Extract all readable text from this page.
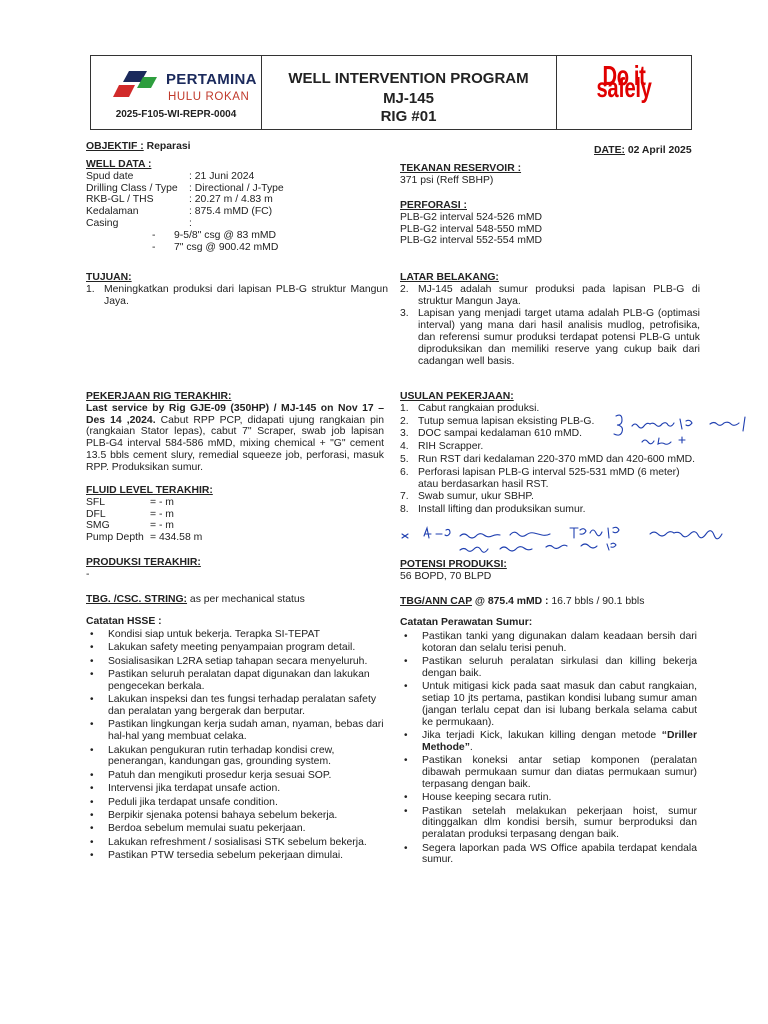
PERTAMINA
HULU ROKAN
2025-F105-WI-REPR-0004
WELL INTERVENTION PROGRAM
MJ-145
RIG #01
Do it safely
OBJEKTIF : Reparasi	DATE: 02 April 2025
WELL DATA :
Spud date	: 21 Juni 2024
Drilling Class / Type	: Directional / J-Type
RKB-GL / THS	: 20.27 m / 4.83 m
Kedalaman	: 875.4 mMD (FC)
Casing	:
- 9-5/8" csg @ 83 mMD
- 7" csg @ 900.42 mMD
TEKANAN RESERVOIR :
371 psi (Reff SBHP)
PERFORASI :
PLB-G2 interval 524-526 mMD
PLB-G2 interval 548-550 mMD
PLB-G2 interval 552-554 mMD
TUJUAN:
1. Meningkatkan produksi dari lapisan PLB-G struktur Mangun Jaya.
LATAR BELAKANG:
2. MJ-145 adalah sumur produksi pada lapisan PLB-G di struktur Mangun Jaya.
3. Lapisan yang menjadi target utama adalah PLB-G (optimasi interval) yang mana dari hasil analisis mudlog, petrofisika, dan referensi sumur produksi terdapat potensi PLB-G untuk diproduksikan dan memiliki reserve yang cukup baik dari cadangan well basis.
PEKERJAAN RIG TERAKHIR:
Last service by Rig GJE-09 (350HP) / MJ-145 on Nov 17 – Des 14 ,2024. Cabut RPP PCP, didapati ujung rangkaian pin (rangkaian Stator lepas), cabut 7" Scraper, swab job lapisan PLB-G4 interval 584-586 mMD, mixing chemical + "G" cement 13.5 bbls cement slury, remedial squeeze job, perforasi, masuk RPP. Produksikan sumur.
USULAN PEKERJAAN:
1. Cabut rangkaian produksi.
2. Tutup semua lapisan eksisting PLB-G.
3. DOC sampai kedalaman 610 mMD.
4. RIH Scrapper.
5. Run RST dari kedalaman 220-370 mMD dan 420-600 mMD.
6. Perforasi lapisan PLB-G interval 525-531 mMD (6 meter) atau berdasarkan hasil RST.
7. Swab sumur, ukur SBHP.
8. Install lifting dan produksikan sumur.
FLUID LEVEL TERAKHIR:
SFL	= - m
DFL	= - m
SMG	= - m
Pump Depth = 434.58 m
PRODUKSI TERAKHIR:
-
POTENSI PRODUKSI:
56 BOPD, 70 BLPD
TBG. /CSC. STRING: as per mechanical status	TBG/ANN CAP @ 875.4 mMD : 16.7 bbls / 90.1 bbls
Catatan HSSE :
•	Kondisi siap untuk bekerja. Terapka SI-TEPAT
•	Lakukan safety meeting penyampaian program detail.
•	Sosialisasikan L2RA setiap tahapan secara menyeluruh.
•	Pastikan seluruh peralatan dapat digunakan dan lakukan pengecekan berkala.
•	Lakukan inspeksi dan tes fungsi terhadap peralatan safety dan peralatan yang bergerak dan berputar.
•	Pastikan lingkungan kerja sudah aman, nyaman, bebas dari hal-hal yang membuat celaka.
•	Lakukan pengukuran rutin terhadap kondisi crew, penerangan, kandungan gas, grounding system.
•	Patuh dan mengikuti prosedur kerja sesuai SOP.
•	Intervensi jika terdapat unsafe action.
•	Peduli jika terdapat unsafe condition.
•	Berpikir sjenaka potensi bahaya sebelum bekerja.
•	Berdoa sebelum memulai suatu pekerjaan.
•	Lakukan refreshment / sosialisasi STK sebelum bekerja.
•	Pastikan PTW tersedia sebelum pekerjaan dimulai.
Catatan Perawatan Sumur:
•	Pastikan tanki yang digunakan dalam keadaan bersih dari kotoran dan selalu terisi penuh.
•	Pastikan seluruh peralatan sirkulasi dan killing bekerja dengan baik.
•	Untuk mitigasi kick pada saat masuk dan cabut rangkaian, setiap 10 jts pertama, pastikan kondisi lubang sumur aman (jangan terlalu cepat dan isi lubang berkala selama cabut ke permukaan).
•	Jika terjadi Kick, lakukan killing dengan metode “Driller Methode”.
•	Pastikan koneksi antar setiap komponen (peralatan dibawah permukaan sumur dan diatas permukaan sumur) terpasang dengan baik.
•	House keeping secara rutin.
•	Pastikan setelah melakukan pekerjaan hoist, sumur ditinggalkan dlm kondisi bersih, sumur berproduksi dan peralatan produksi terpasang dengan baik.
•	Segera laporkan pada WS Office apabila terdapat kendala sumur.
